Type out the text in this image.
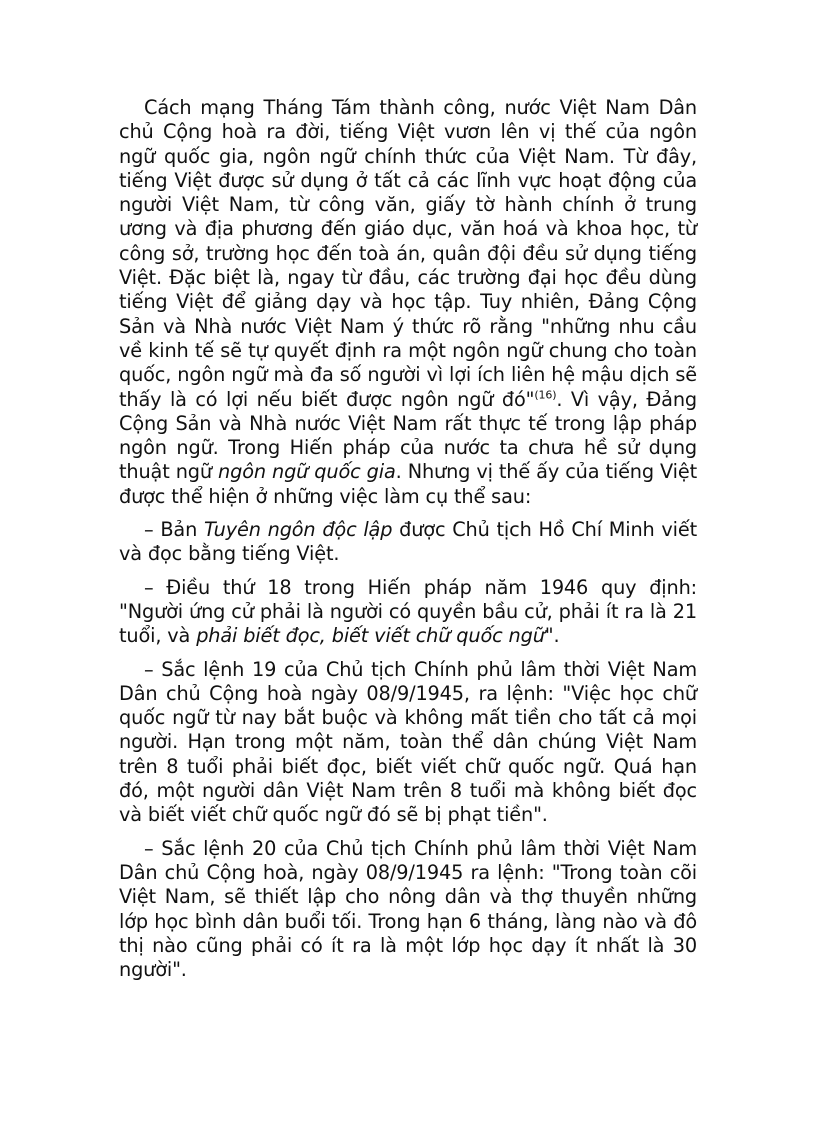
Cách mạng Tháng Tám thành công, nước Việt Nam Dân chủ Cộng hoà ra đời, tiếng Việt vươn lên vị thế của ngôn ngữ quốc gia, ngôn ngữ chính thức của Việt Nam. Từ đây, tiếng Việt được sử dụng ở tất cả các lĩnh vực hoạt động của người Việt Nam, từ công văn, giấy tờ hành chính ở trung ương và địa phương đến giáo dục, văn hoá và khoa học, từ công sở, trường học đến toà án, quân đội đều sử dụng tiếng Việt. Đặc biệt là, ngay từ đầu, các trường đại học đều dùng tiếng Việt để giảng dạy và học tập. Tuy nhiên, Đảng Cộng Sản và Nhà nước Việt Nam ý thức rõ rằng "những nhu cầu về kinh tế sẽ tự quyết định ra một ngôn ngữ chung cho toàn quốc, ngôn ngữ mà đa số người vì lợi ích liên hệ mậu dịch sẽ thấy là có lợi nếu biết được ngôn ngữ đó"$^{(16)}$. Vì vậy, Đảng Cộng Sản và Nhà nước Việt Nam rất thực tế trong lập pháp ngôn ngữ. Trong Hiến pháp của nước ta chưa hề sử dụng thuật ngữ ngôn ngữ quốc gia. Nhưng vị thế ấy của tiếng Việt được thể hiện ở những việc làm cụ thể sau:

– Bản Tuyên ngôn độc lập được Chủ tịch Hồ Chí Minh viết và đọc bằng tiếng Việt.

– Điều thứ 18 trong Hiến pháp năm 1946 quy định: "Người ứng cử phải là người có quyền bầu cử, phải ít ra là 21 tuổi, và phải biết đọc, biết viết chữ quốc ngữ".

– Sắc lệnh 19 của Chủ tịch Chính phủ lâm thời Việt Nam Dân chủ Cộng hoà ngày 08/9/1945, ra lệnh: "Việc học chữ quốc ngữ từ nay bắt buộc và không mất tiền cho tất cả mọi người. Hạn trong một năm, toàn thể dân chúng Việt Nam trên 8 tuổi phải biết đọc, biết viết chữ quốc ngữ. Quá hạn đó, một người dân Việt Nam trên 8 tuổi mà không biết đọc và biết viết chữ quốc ngữ đó sẽ bị phạt tiền".

– Sắc lệnh 20 của Chủ tịch Chính phủ lâm thời Việt Nam Dân chủ Cộng hoà, ngày 08/9/1945 ra lệnh: "Trong toàn cõi Việt Nam, sẽ thiết lập cho nông dân và thợ thuyền những lớp học bình dân buổi tối. Trong hạn 6 tháng, làng nào và đô thị nào cũng phải có ít ra là một lớp học dạy ít nhất là 30 người".
